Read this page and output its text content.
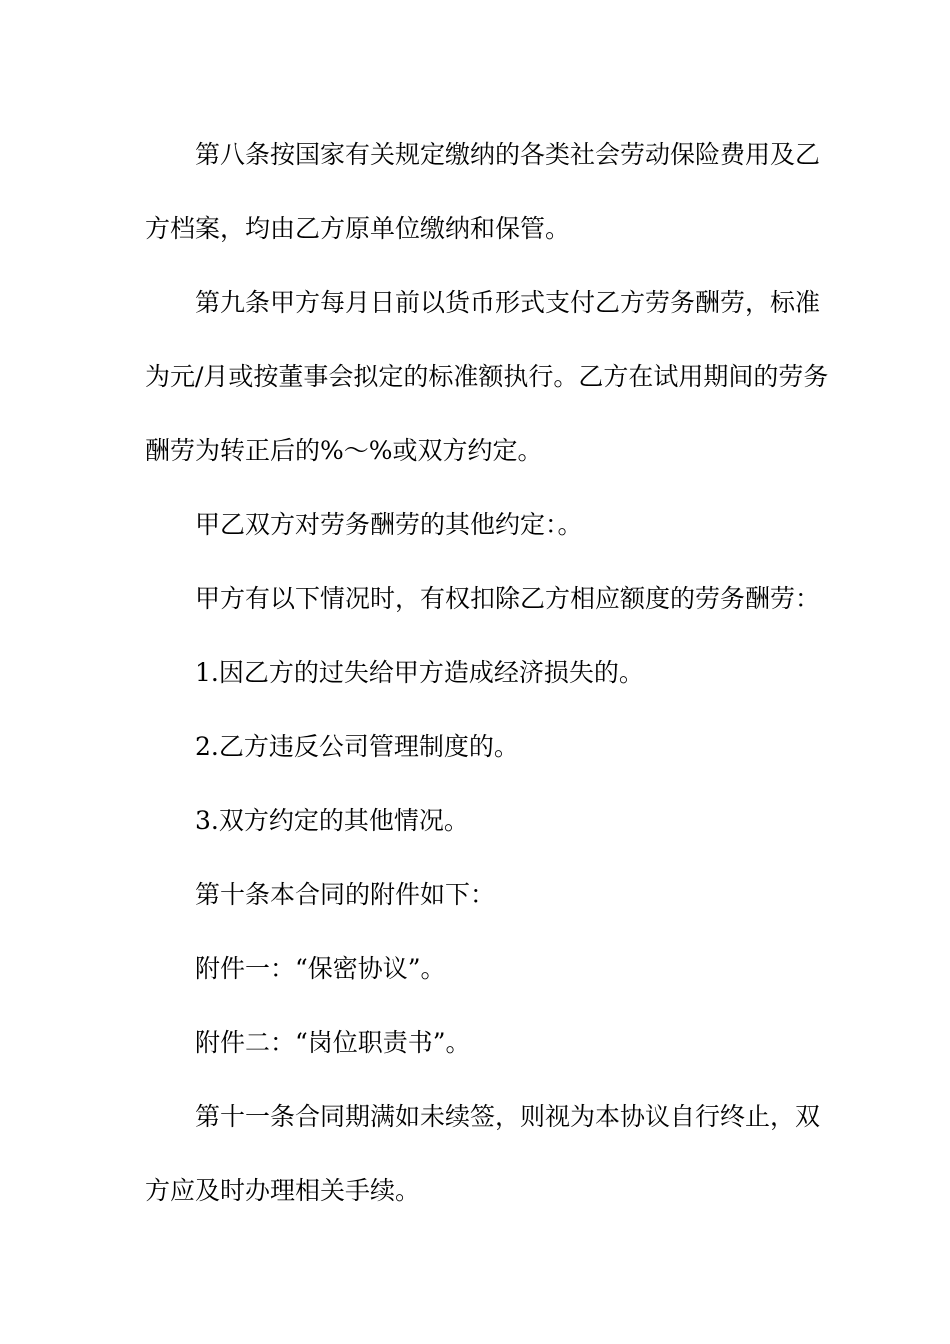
第八条按国家有关规定缴纳的各类社会劳动保险费用及乙
方档案，均由乙方原单位缴纳和保管。
第九条甲方每月日前以货币形式支付乙方劳务酬劳，标准
为元/月或按董事会拟定的标准额执行。乙方在试用期间的劳务
酬劳为转正后的%～%或双方约定。
甲乙双方对劳务酬劳的其他约定：。
甲方有以下情况时，有权扣除乙方相应额度的劳务酬劳：
1.因乙方的过失给甲方造成经济损失的。
2.乙方违反公司管理制度的。
3.双方约定的其他情况。
第十条本合同的附件如下：
附件一：“保密协议”。
附件二：“岗位职责书”。
第十一条合同期满如未续签，则视为本协议自行终止，双
方应及时办理相关手续。
